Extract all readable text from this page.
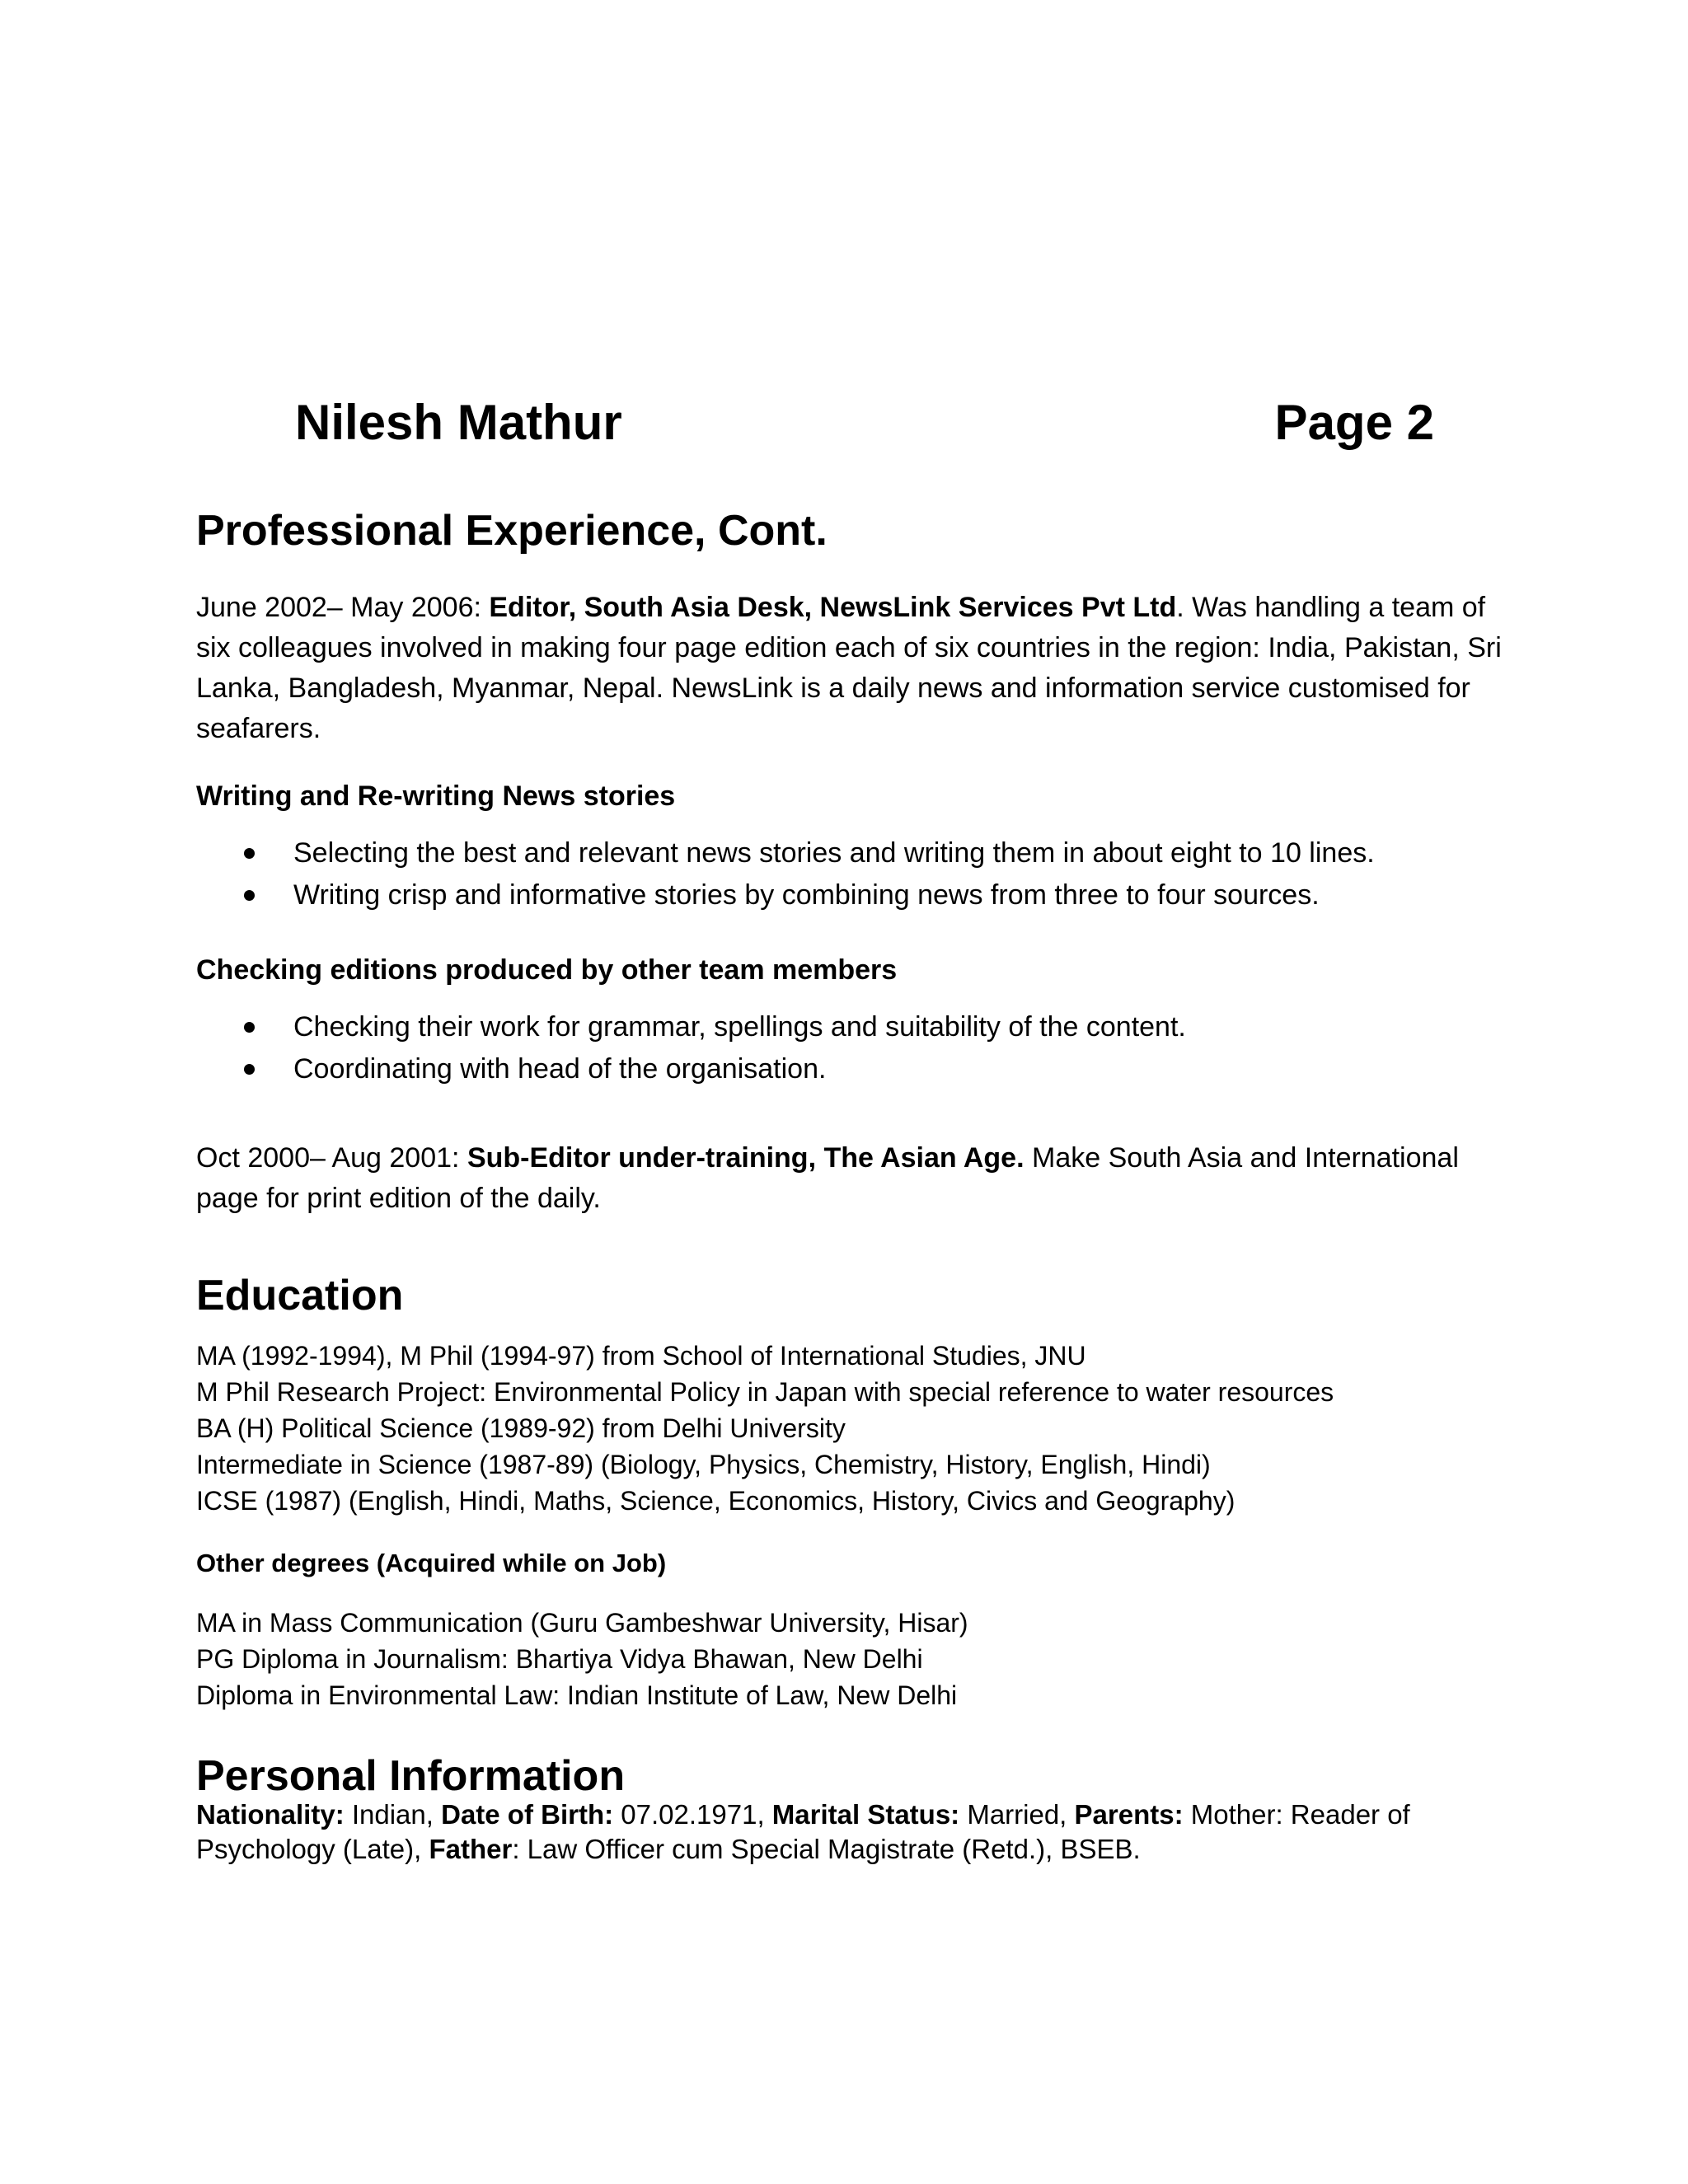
Nilesh Mathur	Page 2
Professional Experience, Cont.
June 2002– May 2006: Editor, South Asia Desk, NewsLink Services Pvt Ltd. Was handling a team of six colleagues involved in making four page edition each of six countries in the region: India, Pakistan, Sri Lanka, Bangladesh, Myanmar, Nepal. NewsLink is a daily news and information service customised for seafarers.
Writing and Re-writing News stories
Selecting the best and relevant news stories and writing them in about eight to 10 lines.
Writing crisp and informative stories by combining news from three to four sources.
Checking editions produced by other team members
Checking their work for grammar, spellings and suitability of the content.
Coordinating with head of the organisation.
Oct 2000– Aug 2001: Sub-Editor under-training, The Asian Age. Make South Asia and International page for print edition of the daily.
Education
MA (1992-1994), M Phil (1994-97) from School of International Studies, JNU
M Phil Research Project: Environmental Policy in Japan with special reference to water resources
BA (H) Political Science (1989-92) from Delhi University
Intermediate in Science (1987-89) (Biology, Physics, Chemistry, History, English, Hindi)
ICSE (1987) (English, Hindi, Maths, Science, Economics, History, Civics and Geography)
Other degrees (Acquired while on Job)
MA in Mass Communication (Guru Gambeshwar University, Hisar)
PG Diploma in Journalism: Bhartiya Vidya Bhawan, New Delhi
Diploma in Environmental Law: Indian Institute of Law, New Delhi
Personal Information
Nationality: Indian, Date of Birth: 07.02.1971, Marital Status: Married, Parents: Mother: Reader of Psychology (Late), Father: Law Officer cum Special Magistrate (Retd.), BSEB.
